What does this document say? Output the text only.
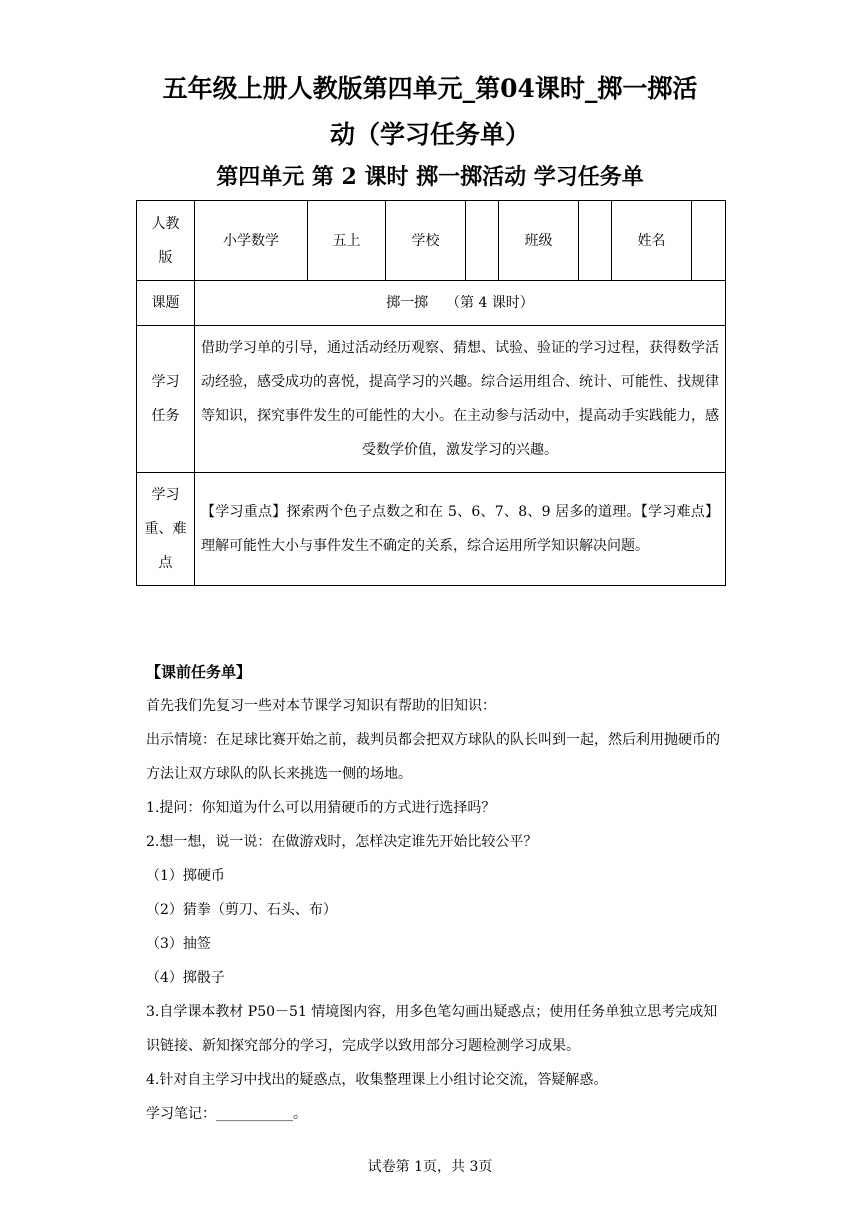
五年级上册人教版第四单元_第04课时_掷一掷活
动（学习任务单）
第四单元 第 2 课时 掷一掷活动 学习任务单
人教版	小学数学	五上	学校		班级		姓名	
课题	掷一掷    （第 4 课时）							
学习任务	借助学习单的引导，通过活动经历观察、猜想、试验、验证的学习过程，获得数学活动经验，感受成功的喜悦，提高学习的兴趣。综合运用组合、统计、可能性、找规律等知识，探究事件发生的可能性的大小。在主动参与活动中，提高动手实践能力，感受数学价值，激发学习的兴趣。							
学习重、难点	【学习重点】探索两个色子点数之和在 5、6、7、8、9 居多的道理。【学习难点】理解可能性大小与事件发生不确定的关系，综合运用所学知识解决问题。							

【课前任务单】

首先我们先复习一些对本节课学习知识有帮助的旧知识：

出示情境：在足球比赛开始之前，裁判员都会把双方球队的队长叫到一起，然后利用抛硬币的方法让双方球队的队长来挑选一侧的场地。

1.提问：你知道为什么可以用猜硬币的方式进行选择吗？

2.想一想，说一说：在做游戏时，怎样决定谁先开始比较公平？

（1）掷硬币

（2）猜拳（剪刀、石头、布）

（3）抽签

（4）掷骰子

3.自学课本教材 P50－51 情境图内容，用多色笔勾画出疑惑点；使用任务单独立思考完成知识链接、新知探究部分的学习，完成学以致用部分习题检测学习成果。

4.针对自主学习中找出的疑惑点，收集整理课上小组讨论交流，答疑解惑。

学习笔记：___________。

试卷第 1页，共 3页
